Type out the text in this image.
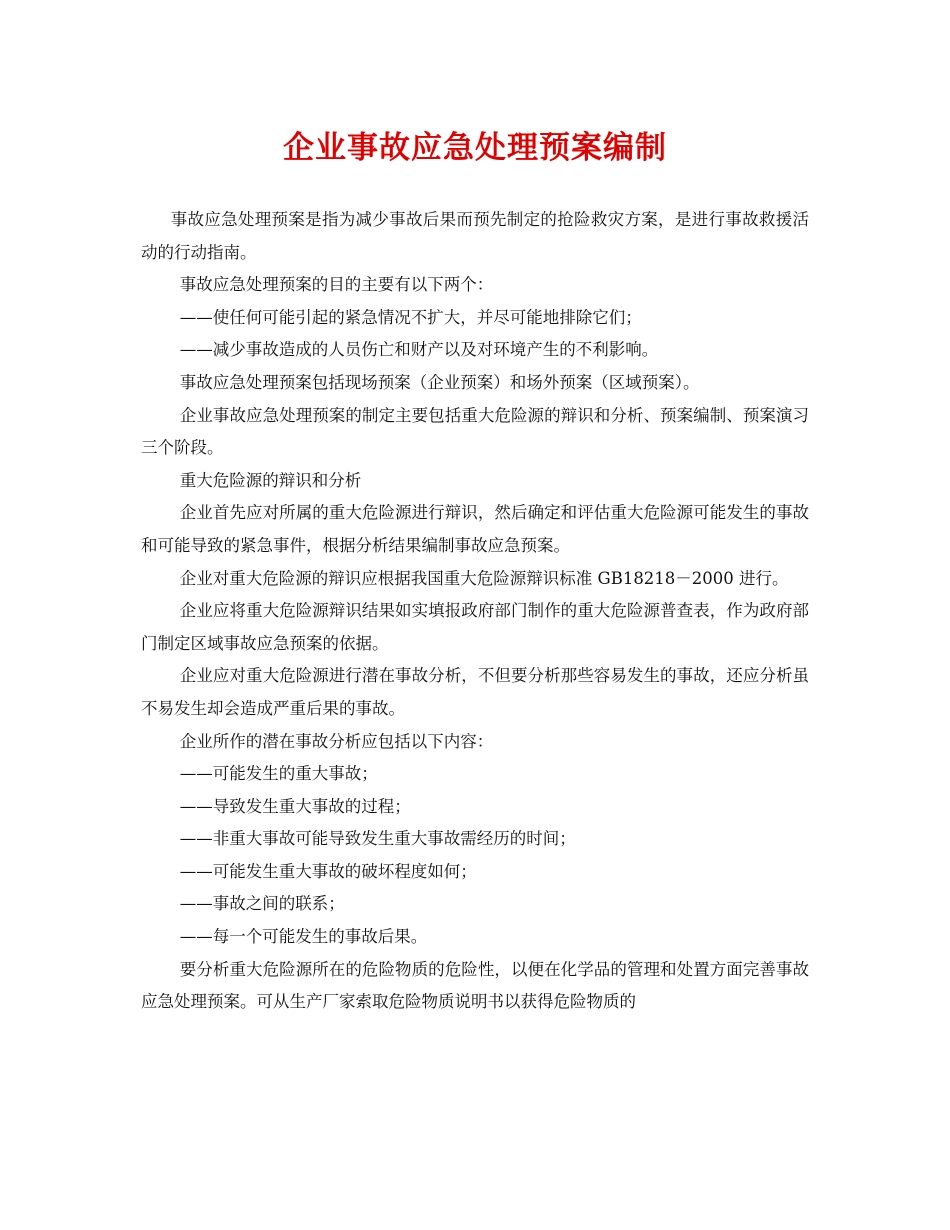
企业事故应急处理预案编制

事故应急处理预案是指为减少事故后果而预先制定的抢险救灾方案，是进行事故救援活动的行动指南。

事故应急处理预案的目的主要有以下两个：

——使任何可能引起的紧急情况不扩大，并尽可能地排除它们；

——减少事故造成的人员伤亡和财产以及对环境产生的不利影响。

事故应急处理预案包括现场预案（企业预案）和场外预案（区域预案）。

企业事故应急处理预案的制定主要包括重大危险源的辩识和分析、预案编制、预案演习三个阶段。

重大危险源的辩识和分析

企业首先应对所属的重大危险源进行辩识，然后确定和评估重大危险源可能发生的事故和可能导致的紧急事件，根据分析结果编制事故应急预案。

企业对重大危险源的辩识应根据我国重大危险源辩识标准 GB18218－2000 进行。

企业应将重大危险源辩识结果如实填报政府部门制作的重大危险源普查表，作为政府部门制定区域事故应急预案的依据。

企业应对重大危险源进行潜在事故分析，不但要分析那些容易发生的事故，还应分析虽不易发生却会造成严重后果的事故。

企业所作的潜在事故分析应包括以下内容：

——可能发生的重大事故；

——导致发生重大事故的过程；

——非重大事故可能导致发生重大事故需经历的时间；

——可能发生重大事故的破坏程度如何；

——事故之间的联系；

——每一个可能发生的事故后果。

要分析重大危险源所在的危险物质的危险性，以便在化学品的管理和处置方面完善事故应急处理预案。可从生产厂家索取危险物质说明书以获得危险物质的
